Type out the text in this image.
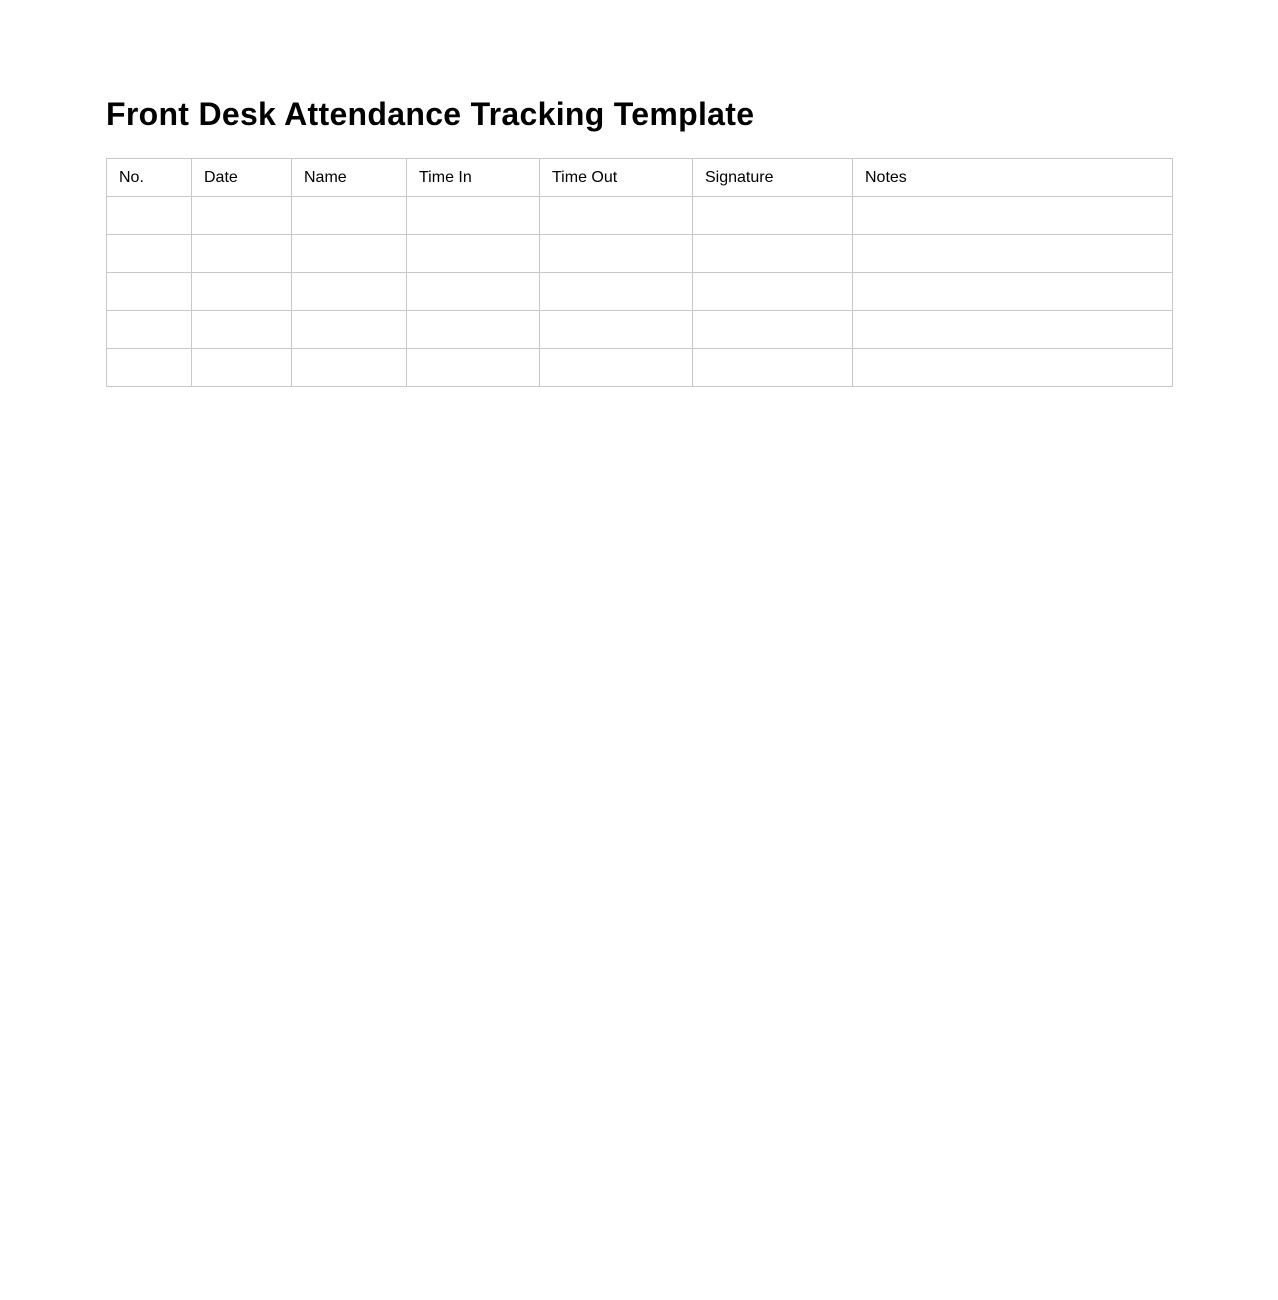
Front Desk Attendance Tracking Template
No.	Date	Name	Time In	Time Out	Signature	Notes
